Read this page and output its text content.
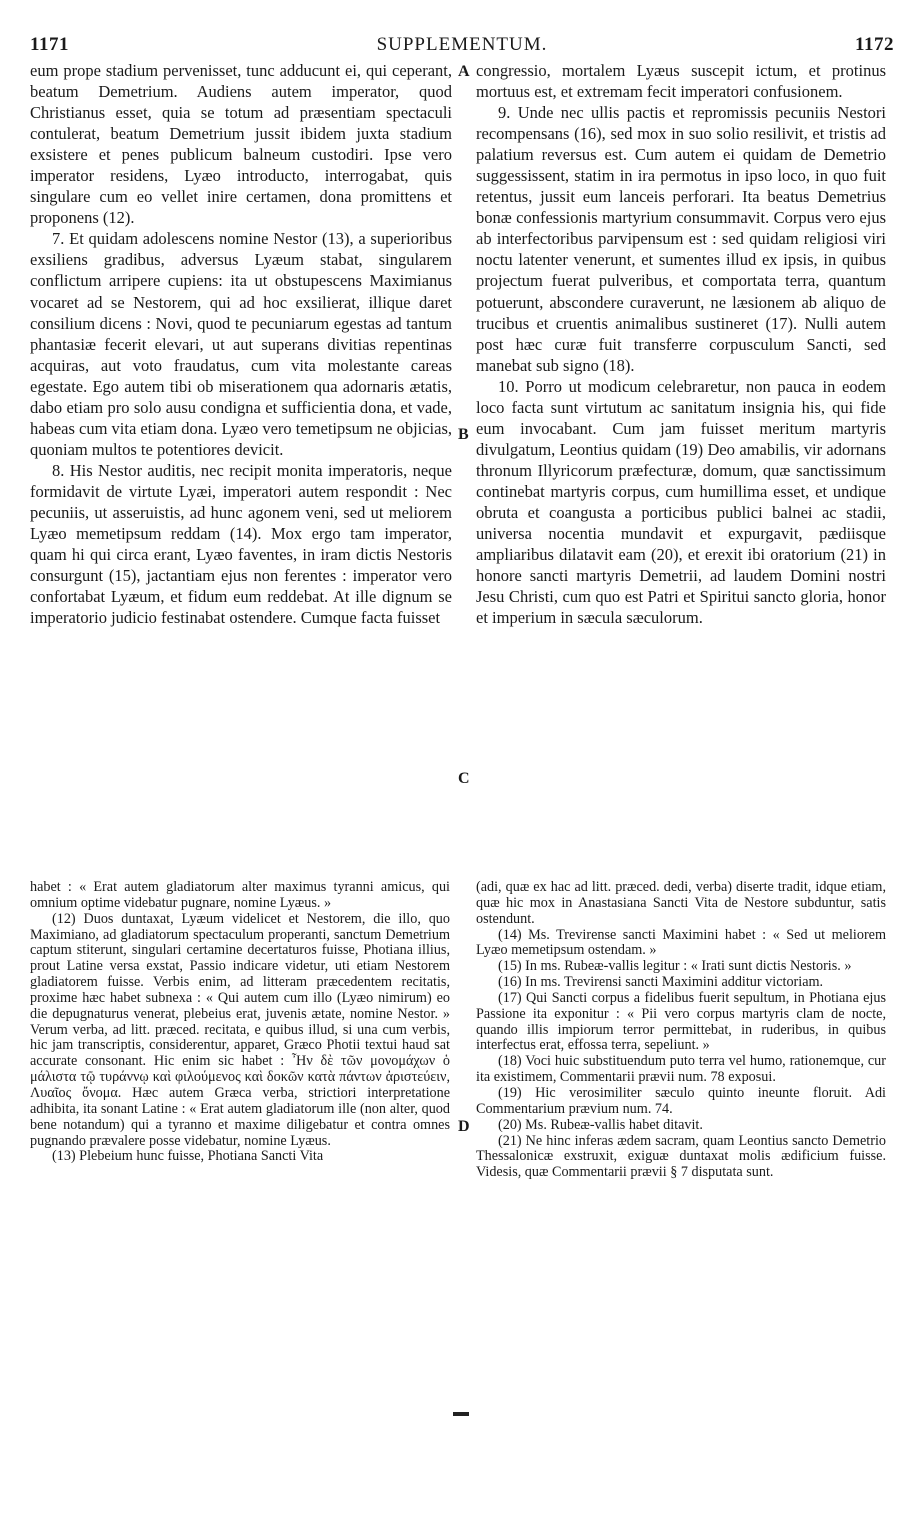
1171	SUPPLEMENTUM.	1172

eum prope stadium pervenisset, tunc adducunt ei, qui ceperant, beatum Demetrium. Audiens autem imperator, quod Christianus esset, quia se totum ad præsentiam spectaculi contulerat, beatum Demetrium jussit ibidem juxta stadium exsistere et penes publicum balneum custodiri. Ipse vero imperator residens, Lyæo introducto, interrogabat, quis singulare cum eo vellet inire certamen, dona promittens et proponens (12).

7. Et quidam adolescens nomine Nestor (13), a superioribus exsiliens gradibus, adversus Lyæum stabat, singularem conflictum arripere cupiens: ita ut obstupescens Maximianus vocaret ad se Nestorem, qui ad hoc exsilierat, illique daret consilium dicens : Novi, quod te pecuniarum egestas ad tantum phantasiæ fecerit elevari, ut aut superans divitias repentinas acquiras, aut voto fraudatus, cum vita molestante careas egestate. Ego autem tibi ob miserationem qua adornaris ætatis, dabo etiam pro solo ausu condigna et sufficientia dona, et vade, habeas cum vita etiam dona. Lyæo vero temetipsum ne objicias, quoniam multos te potentiores devicit.

8. His Nestor auditis, nec recipit monita imperatoris, neque formidavit de virtute Lyæi, imperatori autem respondit : Nec pecuniis, ut asseruistis, ad hunc agonem veni, sed ut meliorem Lyæo memetipsum reddam (14). Mox ergo tam imperator, quam hi qui circa erant, Lyæo faventes, in iram dictis Nestoris consurgunt (15), jactantiam ejus non ferentes : imperator vero confortabat Lyæum, et fidum eum reddebat. At ille dignum se imperatorio judicio festinabat ostendere. Cumque facta fuisset

congressio, mortalem Lyæus suscepit ictum, et protinus mortuus est, et extremam fecit imperatori confusionem.

9. Unde nec ullis pactis et repromissis pecuniis Nestori recompensans (16), sed mox in suo solio resilivit, et tristis ad palatium reversus est. Cum autem ei quidam de Demetrio suggessissent, statim in ira permotus in ipso loco, in quo fuit retentus, jussit eum lanceis perforari. Ita beatus Demetrius bonæ confessionis martyrium consummavit. Corpus vero ejus ab interfectoribus parvipensum est : sed quidam religiosi viri noctu latenter venerunt, et sumentes illud ex ipsis, in quibus projectum fuerat pulveribus, et comportata terra, quantum potuerunt, abscondere curaverunt, ne læsionem ab aliquo de trucibus et cruentis animalibus sustineret (17). Nulli autem post hæc curæ fuit transferre corpusculum Sancti, sed manebat sub signo (18).

10. Porro ut modicum celebraretur, non pauca in eodem loco facta sunt virtutum ac sanitatum insignia his, qui fide eum invocabant. Cum jam fuisset meritum martyris divulgatum, Leontius quidam (19) Deo amabilis, vir adornans thronum Illyricorum præfecturæ, domum, quæ sanctissimum continebat martyris corpus, cum humillima esset, et undique obruta et coangusta a porticibus publici balnei ac stadii, universa nocentia mundavit et expurgavit, pædiisque ampliaribus dilatavit eam (20), et erexit ibi oratorium (21) in honore sancti martyris Demetrii, ad laudem Domini nostri Jesu Christi, cum quo est Patri et Spiritui sancto gloria, honor et imperium in sæcula sæculorum.

A
B
C
D

habet : « Erat autem gladiatorum alter maximus tyranni amicus, qui omnium optime videbatur pugnare, nomine Lyæus. »

(12) Duos duntaxat, Lyæum videlicet et Nestorem, die illo, quo Maximiano, ad gladiatorum spectaculum properanti, sanctum Demetrium captum stiterunt, singulari certamine decertaturos fuisse, Photiana illius, prout Latine versa exstat, Passio indicare videtur, uti etiam Nestorem gladiatorem fuisse. Verbis enim, ad litteram præcedentem recitatis, proxime hæc habet subnexa : « Qui autem cum illo (Lyæo nimirum) eo die depugnaturus venerat, plebeius erat, juvenis ætate, nomine Nestor. » Verum verba, ad litt. præced. recitata, e quibus illud, si una cum verbis, hic jam transcriptis, considerentur, apparet, Græco Photii textui haud sat accurate consonant. Hic enim sic habet : Ἦν δὲ τῶν μονομάχων ὁ μάλιστα τῷ τυράννῳ καὶ φιλούμενος καὶ δοκῶν κατὰ πάντων ἀριστεύειν, Λυαῖος ὄνομα. Hæc autem Græca verba, strictiori interpretatione adhibita, ita sonant Latine : « Erat autem gladiatorum ille (non alter, quod bene notandum) qui a tyranno et maxime diligebatur et contra omnes pugnando prævalere posse videbatur, nomine Lyæus.

(13) Plebeium hunc fuisse, Photiana Sancti Vita

(adi, quæ ex hac ad litt. præced. dedi, verba) diserte tradit, idque etiam, quæ hic mox in Anastasiana Sancti Vita de Nestore subduntur, satis ostendunt.

(14) Ms. Trevirense sancti Maximini habet : « Sed ut meliorem Lyæo memetipsum ostendam. »

(15) In ms. Rubeæ-vallis legitur : « Irati sunt dictis Nestoris. »

(16) In ms. Trevirensi sancti Maximini additur victoriam.

(17) Qui Sancti corpus a fidelibus fuerit sepultum, in Photiana ejus Passione ita exponitur : « Pii vero corpus martyris clam de nocte, quando illis impiorum terror permittebat, in ruderibus, in quibus interfectus erat, effossa terra, sepeliunt. »

(18) Voci huic substituendum puto terra vel humo, rationemque, cur ita existimem, Commentarii prævii num. 78 exposui.

(19) Hic verosimiliter sæculo quinto ineunte floruit. Adi Commentarium prævium num. 74.

(20) Ms. Rubeæ-vallis habet ditavit.

(21) Ne hinc inferas ædem sacram, quam Leontius sancto Demetrio Thessalonicæ exstruxit, exiguæ duntaxat molis ædificium fuisse. Videsis, quæ Commentarii prævii § 7 disputata sunt.
